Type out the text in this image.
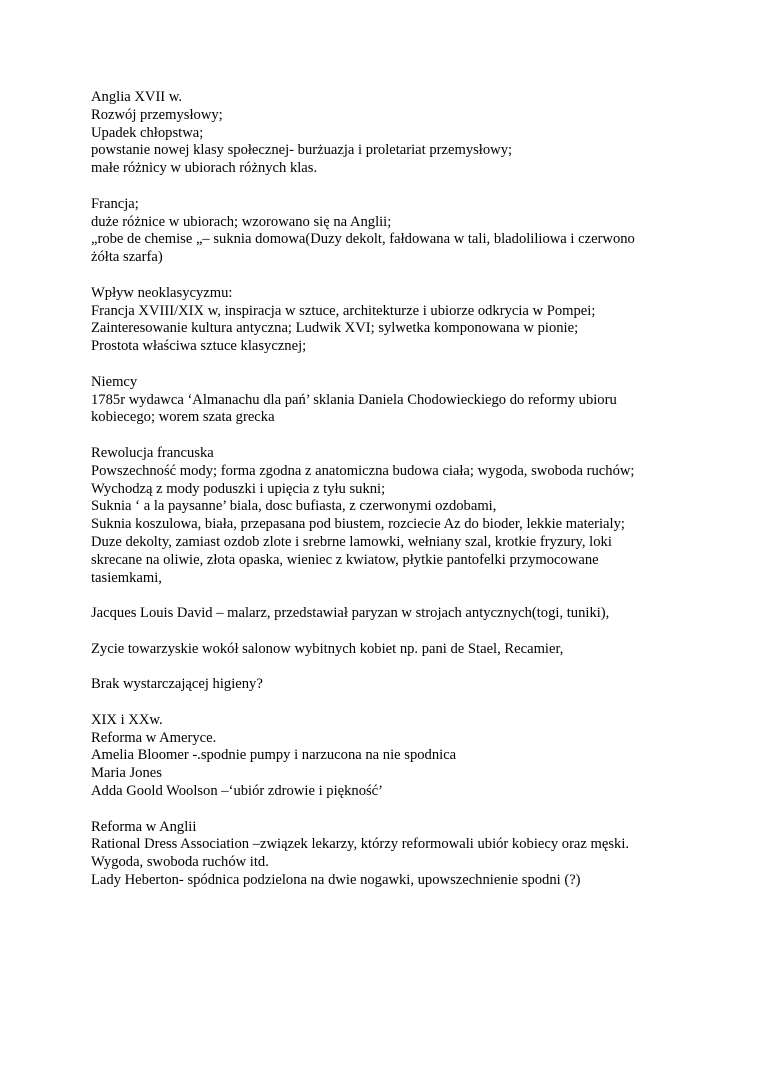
Anglia XVII w.
Rozwój przemysłowy;
Upadek chłopstwa;
powstanie nowej klasy społecznej- burżuazja i proletariat przemysłowy;
małe różnicy w ubiorach różnych klas.
Francja;
duże różnice w ubiorach; wzorowano się na Anglii;
„robe de chemise „– suknia domowa(Duzy dekolt, fałdowana w tali, bladoliliowa i czerwono
żółta szarfa)
Wpływ neoklasycyzmu:
Francja XVIII/XIX w, inspiracja w sztuce, architekturze i ubiorze odkrycia w Pompei;
Zainteresowanie kultura antyczna; Ludwik XVI; sylwetka komponowana w pionie;
Prostota właściwa sztuce klasycznej;
Niemcy
1785r wydawca ‘Almanachu dla pań’ sklania Daniela Chodowieckiego do reformy ubioru
kobiecego; worem szata grecka
Rewolucja francuska
Powszechność mody; forma zgodna z anatomiczna budowa ciała; wygoda, swoboda ruchów;
Wychodzą z mody poduszki i upięcia z tyłu sukni;
Suknia ‘ a la paysanne’ biala, dosc bufiasta, z czerwonymi ozdobami,
Suknia koszulowa, biała, przepasana pod biustem, rozciecie Az do bioder, lekkie materialy;
Duze dekolty, zamiast ozdob zlote i srebrne lamowki, wełniany szal, krotkie fryzury, loki
skrecane na oliwie, złota opaska, wieniec z kwiatow, płytkie pantofelki przymocowane
tasiemkami,
Jacques Louis David – malarz, przedstawiał paryzan w strojach antycznych(togi, tuniki),
Zycie towarzyskie wokół salonow wybitnych kobiet np. pani de Stael, Recamier,
Brak wystarczającej higieny?
XIX i XXw.
Reforma w Ameryce.
Amelia Bloomer -.spodnie pumpy i narzucona na nie spodnica
Maria Jones
Adda Goold Woolson –‘ubiór zdrowie i piękność’
Reforma w Anglii
Rational Dress Association –związek lekarzy, którzy reformowali ubiór kobiecy oraz męski.
Wygoda, swoboda ruchów itd.
Lady Heberton- spódnica podzielona na dwie nogawki, upowszechnienie spodni (?)
